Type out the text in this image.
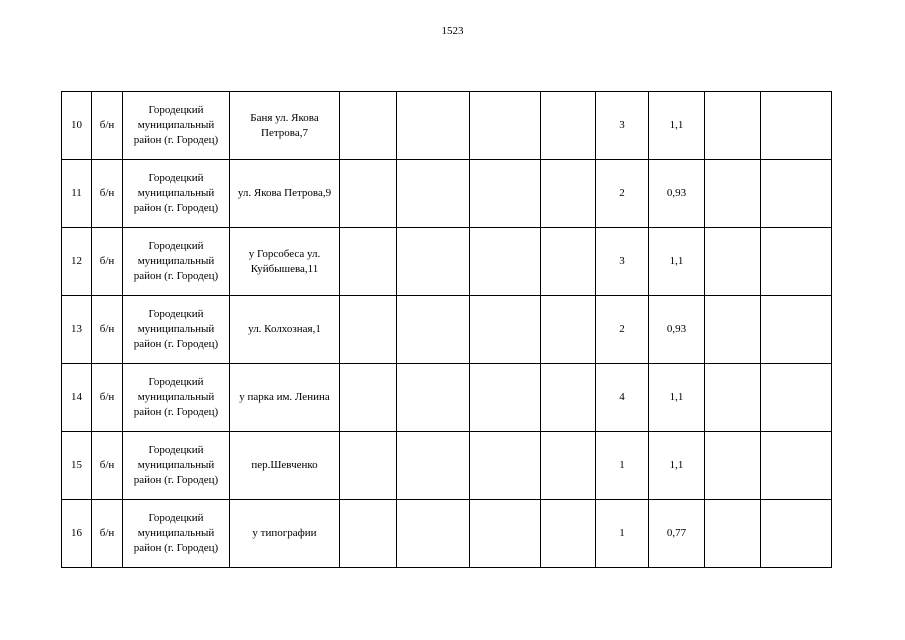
1523
10	б/н	Городецкий
муниципальный
район (г. Городец)	Баня ул. Якова Петрова,7					3	1,1		
11	б/н	Городецкий
муниципальный
район (г. Городец)	ул. Якова Петрова,9					2	0,93		
12	б/н	Городецкий
муниципальный
район (г. Городец)	у Горсобеса ул. Куйбышева,11					3	1,1		
13	б/н	Городецкий
муниципальный
район (г. Городец)	ул. Колхозная,1					2	0,93		
14	б/н	Городецкий
муниципальный
район (г. Городец)	у парка им. Ленина					4	1,1		
15	б/н	Городецкий
муниципальный
район (г. Городец)	пер.Шевченко					1	1,1		
16	б/н	Городецкий
муниципальный
район (г. Городец)	у типографии					1	0,77		
